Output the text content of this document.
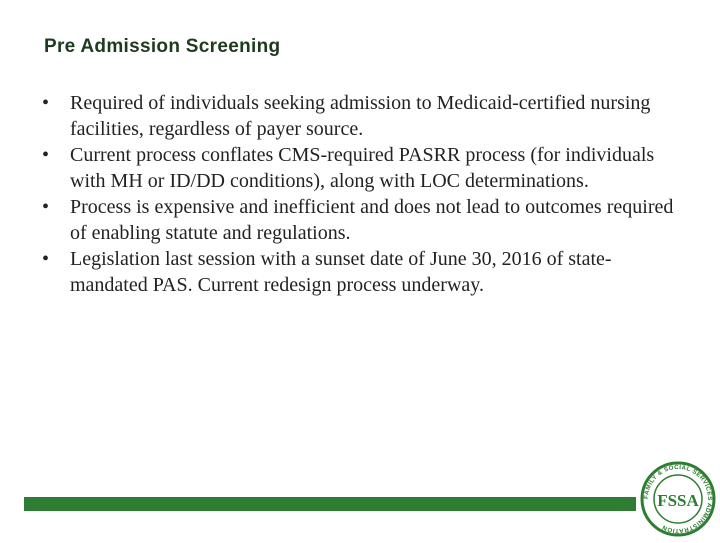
Pre Admission Screening
•	Required of individuals seeking admission to Medicaid-certified nursing facilities, regardless of payer source.
•	Current process conflates CMS-required PASRR process (for individuals with MH or ID/DD conditions), along with LOC determinations.
•	Process is expensive and inefficient and does not lead to outcomes required of enabling statute and regulations.
•	Legislation last session with a sunset date of June 30, 2016 of state-mandated PAS. Current redesign process underway.
FAMILY & SOCIAL SERVICES ADMINISTRATION
FSSA
